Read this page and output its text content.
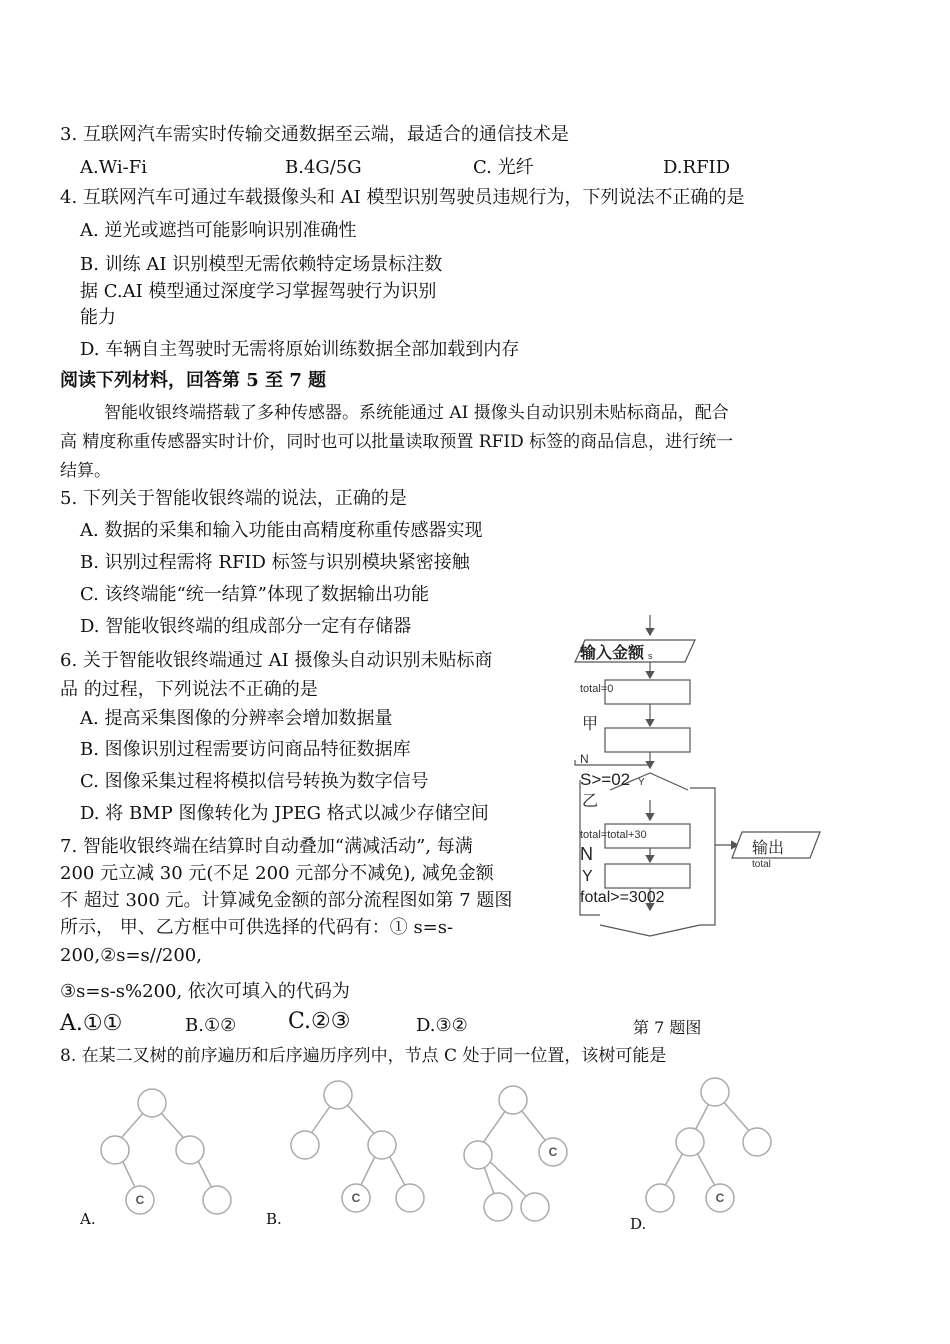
3. 互联网汽车需实时传输交通数据至云端，最适合的通信技术是
A.Wi-Fi	B.4G/5G	C. 光纤	D.RFID
4. 互联网汽车可通过车载摄像头和 AI 模型识别驾驶员违规行为，下列说法不正确的是
A. 逆光或遮挡可能影响识别准确性
B. 训练 AI 识别模型无需依赖特定场景标注数
据 C.AI 模型通过深度学习掌握驾驶行为识别
能力
D. 车辆自主驾驶时无需将原始训练数据全部加载到内存
阅读下列材料，回答第 5 至 7 题
智能收银终端搭载了多种传感器。系统能通过 AI 摄像头自动识别未贴标商品，配合
高 精度称重传感器实时计价，同时也可以批量读取预置 RFID 标签的商品信息，进行统一
结算。
5. 下列关于智能收银终端的说法，正确的是
A. 数据的采集和输入功能由高精度称重传感器实现
B. 识别过程需将 RFID 标签与识别模块紧密接触
C. 该终端能“统一结算”体现了数据输出功能
D. 智能收银终端的组成部分一定有存储器
6. 关于智能收银终端通过 AI 摄像头自动识别未贴标商
品 的过程，下列说法不正确的是
A. 提高采集图像的分辨率会增加数据量
B. 图像识别过程需要访问商品特征数据库
C. 图像采集过程将模拟信号转换为数字信号
D. 将 BMP 图像转化为 JPEG 格式以减少存储空间
7. 智能收银终端在结算时自动叠加“满减活动”, 每满
200 元立减 30 元(不足 200 元部分不减免), 减免金额
不 超过 300 元。计算减免金额的部分流程图如第 7 题图
所示， 甲、乙方框中可供选择的代码有：① s=s-
200,②s=s//200,
③s=s-s%200, 依次可填入的代码为
A.①①	B.①② C.②③	D.③②	第 7 题图
输入金额 s
total=0
甲
N
S>=02 Y
乙
total=total+30
N
Y
fotal>=3002
输出
total
8. 在某二叉树的前序遍历和后序遍历序列中，节点 C 处于同一位置，该树可能是
C	C
C
C
A.	B.	D.
